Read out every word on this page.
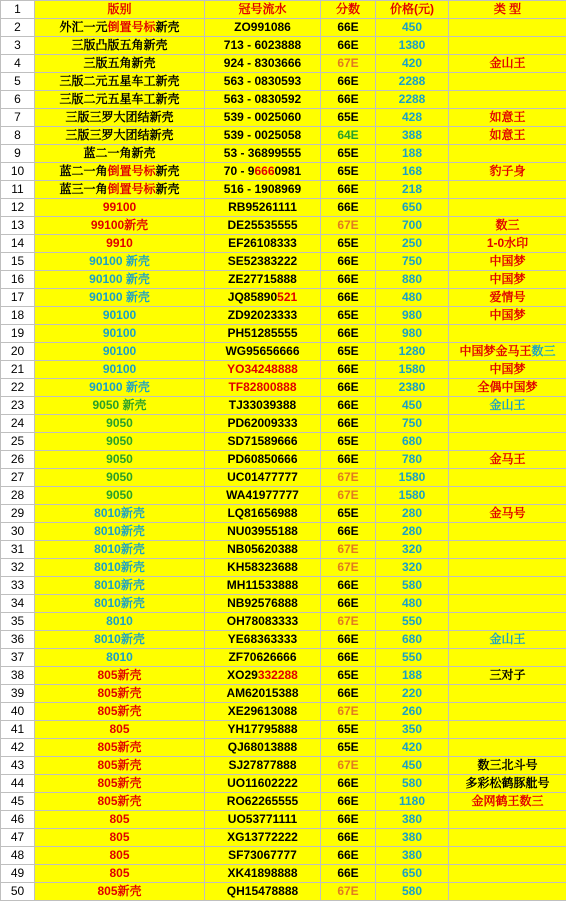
1	版别	冠号流水	分数	价格(元)	类 型
2	外汇一元倒置号标新壳	ZO991086	66E	450	
3	三版凸版五角新壳	713 - 6023888	66E	1380	
4	三版五角新壳	924 - 8303666	67E	420	金山王
5	三版二元五星车工新壳	563 - 0830593	66E	2288	
6	三版二元五星车工新壳	563 - 0830592	66E	2288	
7	三版三罗大团结新壳	539 - 0025060	65E	428	如意王
8	三版三罗大团结新壳	539 - 0025058	64E	388	如意王
9	蓝二一角新壳	53 - 36899555	65E	188	
10	蓝二一角倒置号标新壳	70 - 96660981	65E	168	豹子身
11	蓝三一角倒置号标新壳	516 - 1908969	66E	218	
12	99100	RB95261111	66E	650	
13	99100新壳	DE25535555	67E	700	数三
14	9910	EF26108333	65E	250	1-0水印
15	90100 新壳	SE52383222	66E	750	中国梦
16	90100 新壳	ZE27715888	66E	880	中国梦
17	90100 新壳	JQ85890521	66E	480	爱情号
18	90100	ZD92023333	65E	980	中国梦
19	90100	PH51285555	66E	980	
20	90100	WG95656666	65E	1280	中国梦金马王数三
21	90100	YO34248888	66E	1580	中国梦
22	90100 新壳	TF82800888	66E	2380	全偶中国梦
23	9050 新壳	TJ33039388	66E	450	金山王
24	9050	PD62009333	66E	750	
25	9050	SD71589666	65E	680	
26	9050	PD60850666	66E	780	金马王
27	9050	UC01477777	67E	1580	
28	9050	WA41977777	67E	1580	
29	8010新壳	LQ81656988	65E	280	金马号
30	8010新壳	NU03955188	66E	280	
31	8010新壳	NB05620388	67E	320	
32	8010新壳	KH58323688	67E	320	
33	8010新壳	MH11533888	66E	580	
34	8010新壳	NB92576888	66E	480	
35	8010	OH78083333	67E	550	
36	8010新壳	YE68363333	66E	680	金山王
37	8010	ZF70626666	66E	550	
38	805新壳	XO29332288	65E	188	三对子
39	805新壳	AM62015388	66E	220	
40	805新壳	XE29613088	67E	260	
41	805	YH17795888	65E	350	
42	805新壳	QJ68013888	65E	420	
43	805新壳	SJ27877888	67E	450	数三北斗号
44	805新壳	UO11602222	66E	580	多彩松鹤豚舭号
45	805新壳	RO62265555	66E	1180	金网鹤王数三
46	805	UO53771111	66E	380	
47	805	XG13772222	66E	380	
48	805	SF73067777	66E	380	
49	805	XK41898888	66E	650	
50	805新壳	QH15478888	67E	580	
